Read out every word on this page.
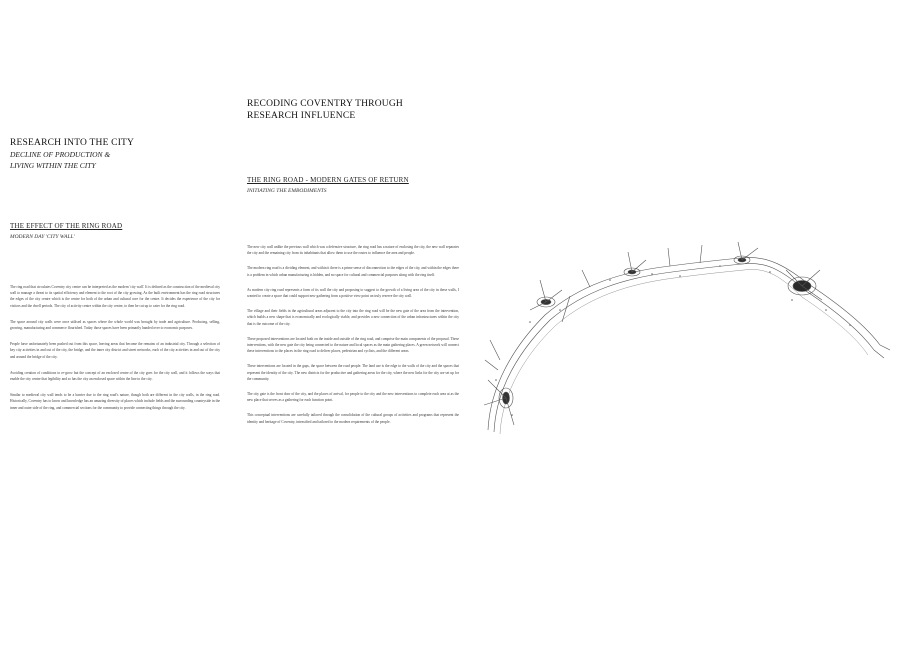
RESEARCH INTO THE CITY
DECLINE OF PRODUCTION &
LIVING WITHIN THE CITY
THE EFFECT OF THE RING ROAD
MODERN DAY 'CITY WALL'

The ring road that circulates Coventry city centre can be interpreted as the modern 'city wall'. It is defined as the construction of the medieval city wall to manage a threat to its spatial efficiency and element to the root of the city growing. As the built environment has the ring road structures the edges of the city centre which is the centre for both of the urban and cultural core for the centre. It decides the experience of the city for visitors and the dwell periods. The city of activity centre within the city centre, to then be cut up to cater for the ring road.

The space around city walls were once utilised as spaces where the whole world was brought by trade and agriculture. Producing, selling, growing, manufacturing and commerce flourished. Today those spaces have been primarily handed over to economic purposes.

People have unfortunately been pushed out from this space, leaving areas that become the remains of an industrial city. Through a selection of key city activities in and out of the city, the bridge, and the inner city district and street networks, each of the city activities in and out of the city and around the bridge of the city.

Avoiding creation of conditions to re-grow but the concept of an enclosed centre of the city goes for the city wall, and it follows the ways that enable the city centre that legibility and so has the city an enclosed space within the line to the city.

Similar to medieval city wall tends to be a barrier due to the ring road's nature, though both are different in the city walls, in the ring road. Historically, Coventry has to know and knowledge has an amazing diversity of places which include fields and the surrounding countryside in the inner and outer side of the ring, and commercial sections for the community to provide connecting things through the city.

RECODING COVENTRY THROUGH
RESEARCH INFLUENCE
THE RING ROAD - MODERN GATES OF RETURN
INITIATING THE EMBODIMENTS

The new city wall unlike the previous wall which was a defensive structure, the ring road has a nature of enclosing the city, the new wall separates the city and the remaining city from its inhabitants that allow them to use the routes to influence the area and people.

The modern ring road is a dividing element, and within it there is a prime sense of disconnection to the edges of the city, and within the edges there is a problem in which urban manufacturing is hidden, and no space for cultural and commercial purposes along with the ring itself.

As modern city ring road represents a form of its wall the city and proposing to suggest to the growth of a living area of the city in these walls, I wanted to create a space that could support new gathering from a positive view point on truly reserve the city wall.

The village and their fields in the agricultural areas adjacent to the city into the ring road will be the new gate of the area from the intervention, which builds a new shape that is economically and ecologically viable, and provides a new connection of the urban infrastructures within the city that is the outcome of the city.

These proposed interventions are located both on the inside and outside of the ring road, and comprise the main components of the proposal. These interventions, with the new gate the city being connected to the nature and local spaces as the main gathering places. A green network will connect these interventions to the places in the ring road to deliver places, pedestrian and cyclists, and the different areas.

These interventions are located in the gaps, the space between the road people. The land use is the edge to the walls of the city and the spaces that represent the identity of the city. The new districts for the productive and gathering areas for the city, where the new links for the city are set up for the community.

The city gate is the front door of the city, and the places of arrival, for people to the city and the new interventions to complete each area at as the new place that serves as a gathering for each function point.

This conceptual interventions are carefully tailored through the consolidation of the cultural groups of activities and programs that represent the identity and heritage of Coventry, intensified and tailored to the modern requirements of the people.
